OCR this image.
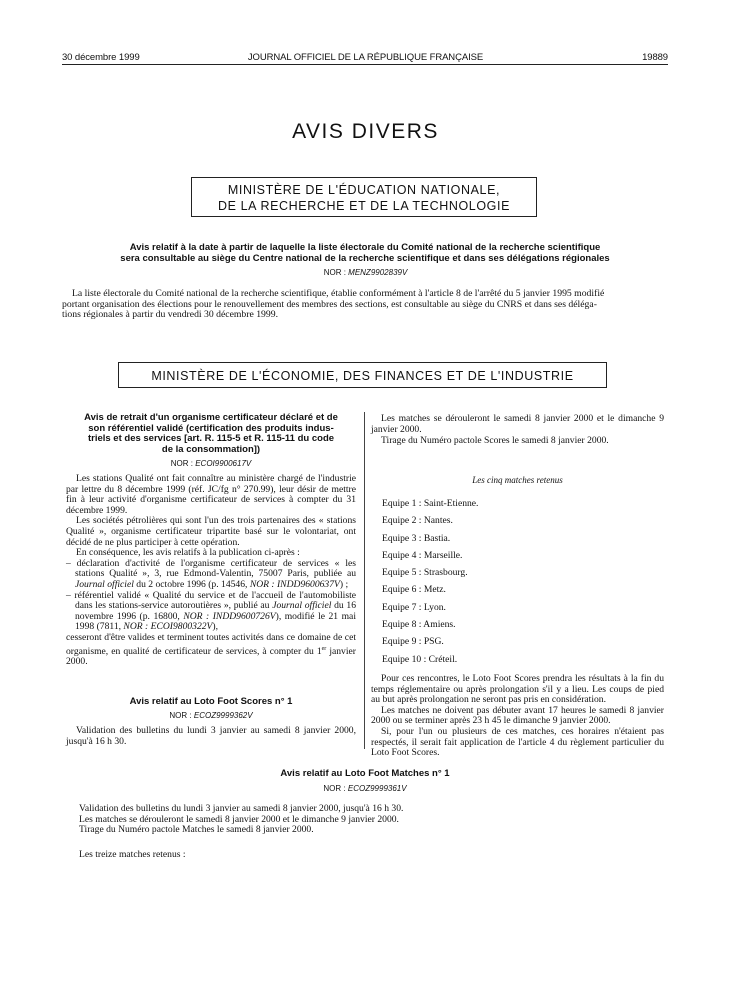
30 décembre 1999	JOURNAL OFFICIEL DE LA RÉPUBLIQUE FRANÇAISE	19889
AVIS DIVERS
MINISTÈRE DE L'ÉDUCATION NATIONALE,
DE LA RECHERCHE ET DE LA TECHNOLOGIE
Avis relatif à la date à partir de laquelle la liste électorale du Comité national de la recherche scientifique
sera consultable au siège du Centre national de la recherche scientifique et dans ses délégations régionales
NOR : MENZ9902839V
La liste électorale du Comité national de la recherche scientifique, établie conformément à l'article 8 de l'arrêté du 5 janvier 1995 modifié
portant organisation des élections pour le renouvellement des membres des sections, est consultable au siège du CNRS et dans ses déléga-
tions régionales à partir du vendredi 30 décembre 1999.
MINISTÈRE DE L'ÉCONOMIE, DES FINANCES ET DE L'INDUSTRIE
Avis de retrait d'un organisme certificateur déclaré et de
son référentiel validé (certification des produits indus-
triels et des services [art. R. 115-5 et R. 115-11 du code
de la consommation])
NOR : ECOI9900617V

Les stations Qualité ont fait connaître au ministère chargé de l'industrie par lettre du 8 décembre 1999 (réf. JC/fg n° 270.99), leur désir de mettre fin à leur activité d'organisme certificateur de services à compter du 31 décembre 1999.

Les sociétés pétrolières qui sont l'un des trois partenaires des « stations Qualité », organisme certificateur tripartite basé sur le volontariat, ont décidé de ne plus participer à cette opération.

En conséquence, les avis relatifs à la publication ci-après :

– déclaration d'activité de l'organisme certificateur de services « les stations Qualité », 3, rue Edmond-Valentin, 75007 Paris, publiée au Journal officiel du 2 octobre 1996 (p. 14546, NOR : INDD9600637V) ;

– référentiel validé « Qualité du service et de l'accueil de l'automobiliste dans les stations-service autoroutières », publié au Journal officiel du 16 novembre 1996 (p. 16800, NOR : INDD9600726V), modifié le 21 mai 1998 (7811, NOR : ECOI9800322V),

cesseront d'être valides et terminent toutes activités dans ce domaine de cet organisme, en qualité de certificateur de services, à compter du 1er janvier 2000.

Avis relatif au Loto Foot Scores n° 1
NOR : ECOZ9999362V

Validation des bulletins du lundi 3 janvier au samedi 8 janvier 2000, jusqu'à 16 h 30.

Les matches se dérouleront le samedi 8 janvier 2000 et le dimanche 9 janvier 2000.

Tirage du Numéro pactole Scores le samedi 8 janvier 2000.

Les cinq matches retenus
Equipe 1 : Saint-Etienne.
Equipe 2 : Nantes.
Equipe 3 : Bastia.
Equipe 4 : Marseille.
Equipe 5 : Strasbourg.
Equipe 6 : Metz.
Equipe 7 : Lyon.
Equipe 8 : Amiens.
Equipe 9 : PSG.
Equipe 10 : Créteil.

Pour ces rencontres, le Loto Foot Scores prendra les résultats à la fin du temps réglementaire ou après prolongation s'il y a lieu. Les coups de pied au but après prolongation ne seront pas pris en considération.

Les matches ne doivent pas débuter avant 17 heures le samedi 8 janvier 2000 ou se terminer après 23 h 45 le dimanche 9 janvier 2000.

Si, pour l'un ou plusieurs de ces matches, ces horaires n'étaient pas respectés, il serait fait application de l'article 4 du règlement particulier du Loto Foot Scores.

Avis relatif au Loto Foot Matches n° 1
NOR : ECOZ9999361V
Validation des bulletins du lundi 3 janvier au samedi 8 janvier 2000, jusqu'à 16 h 30.
Les matches se dérouleront le samedi 8 janvier 2000 et le dimanche 9 janvier 2000.
Tirage du Numéro pactole Matches le samedi 8 janvier 2000.
Les treize matches retenus :
